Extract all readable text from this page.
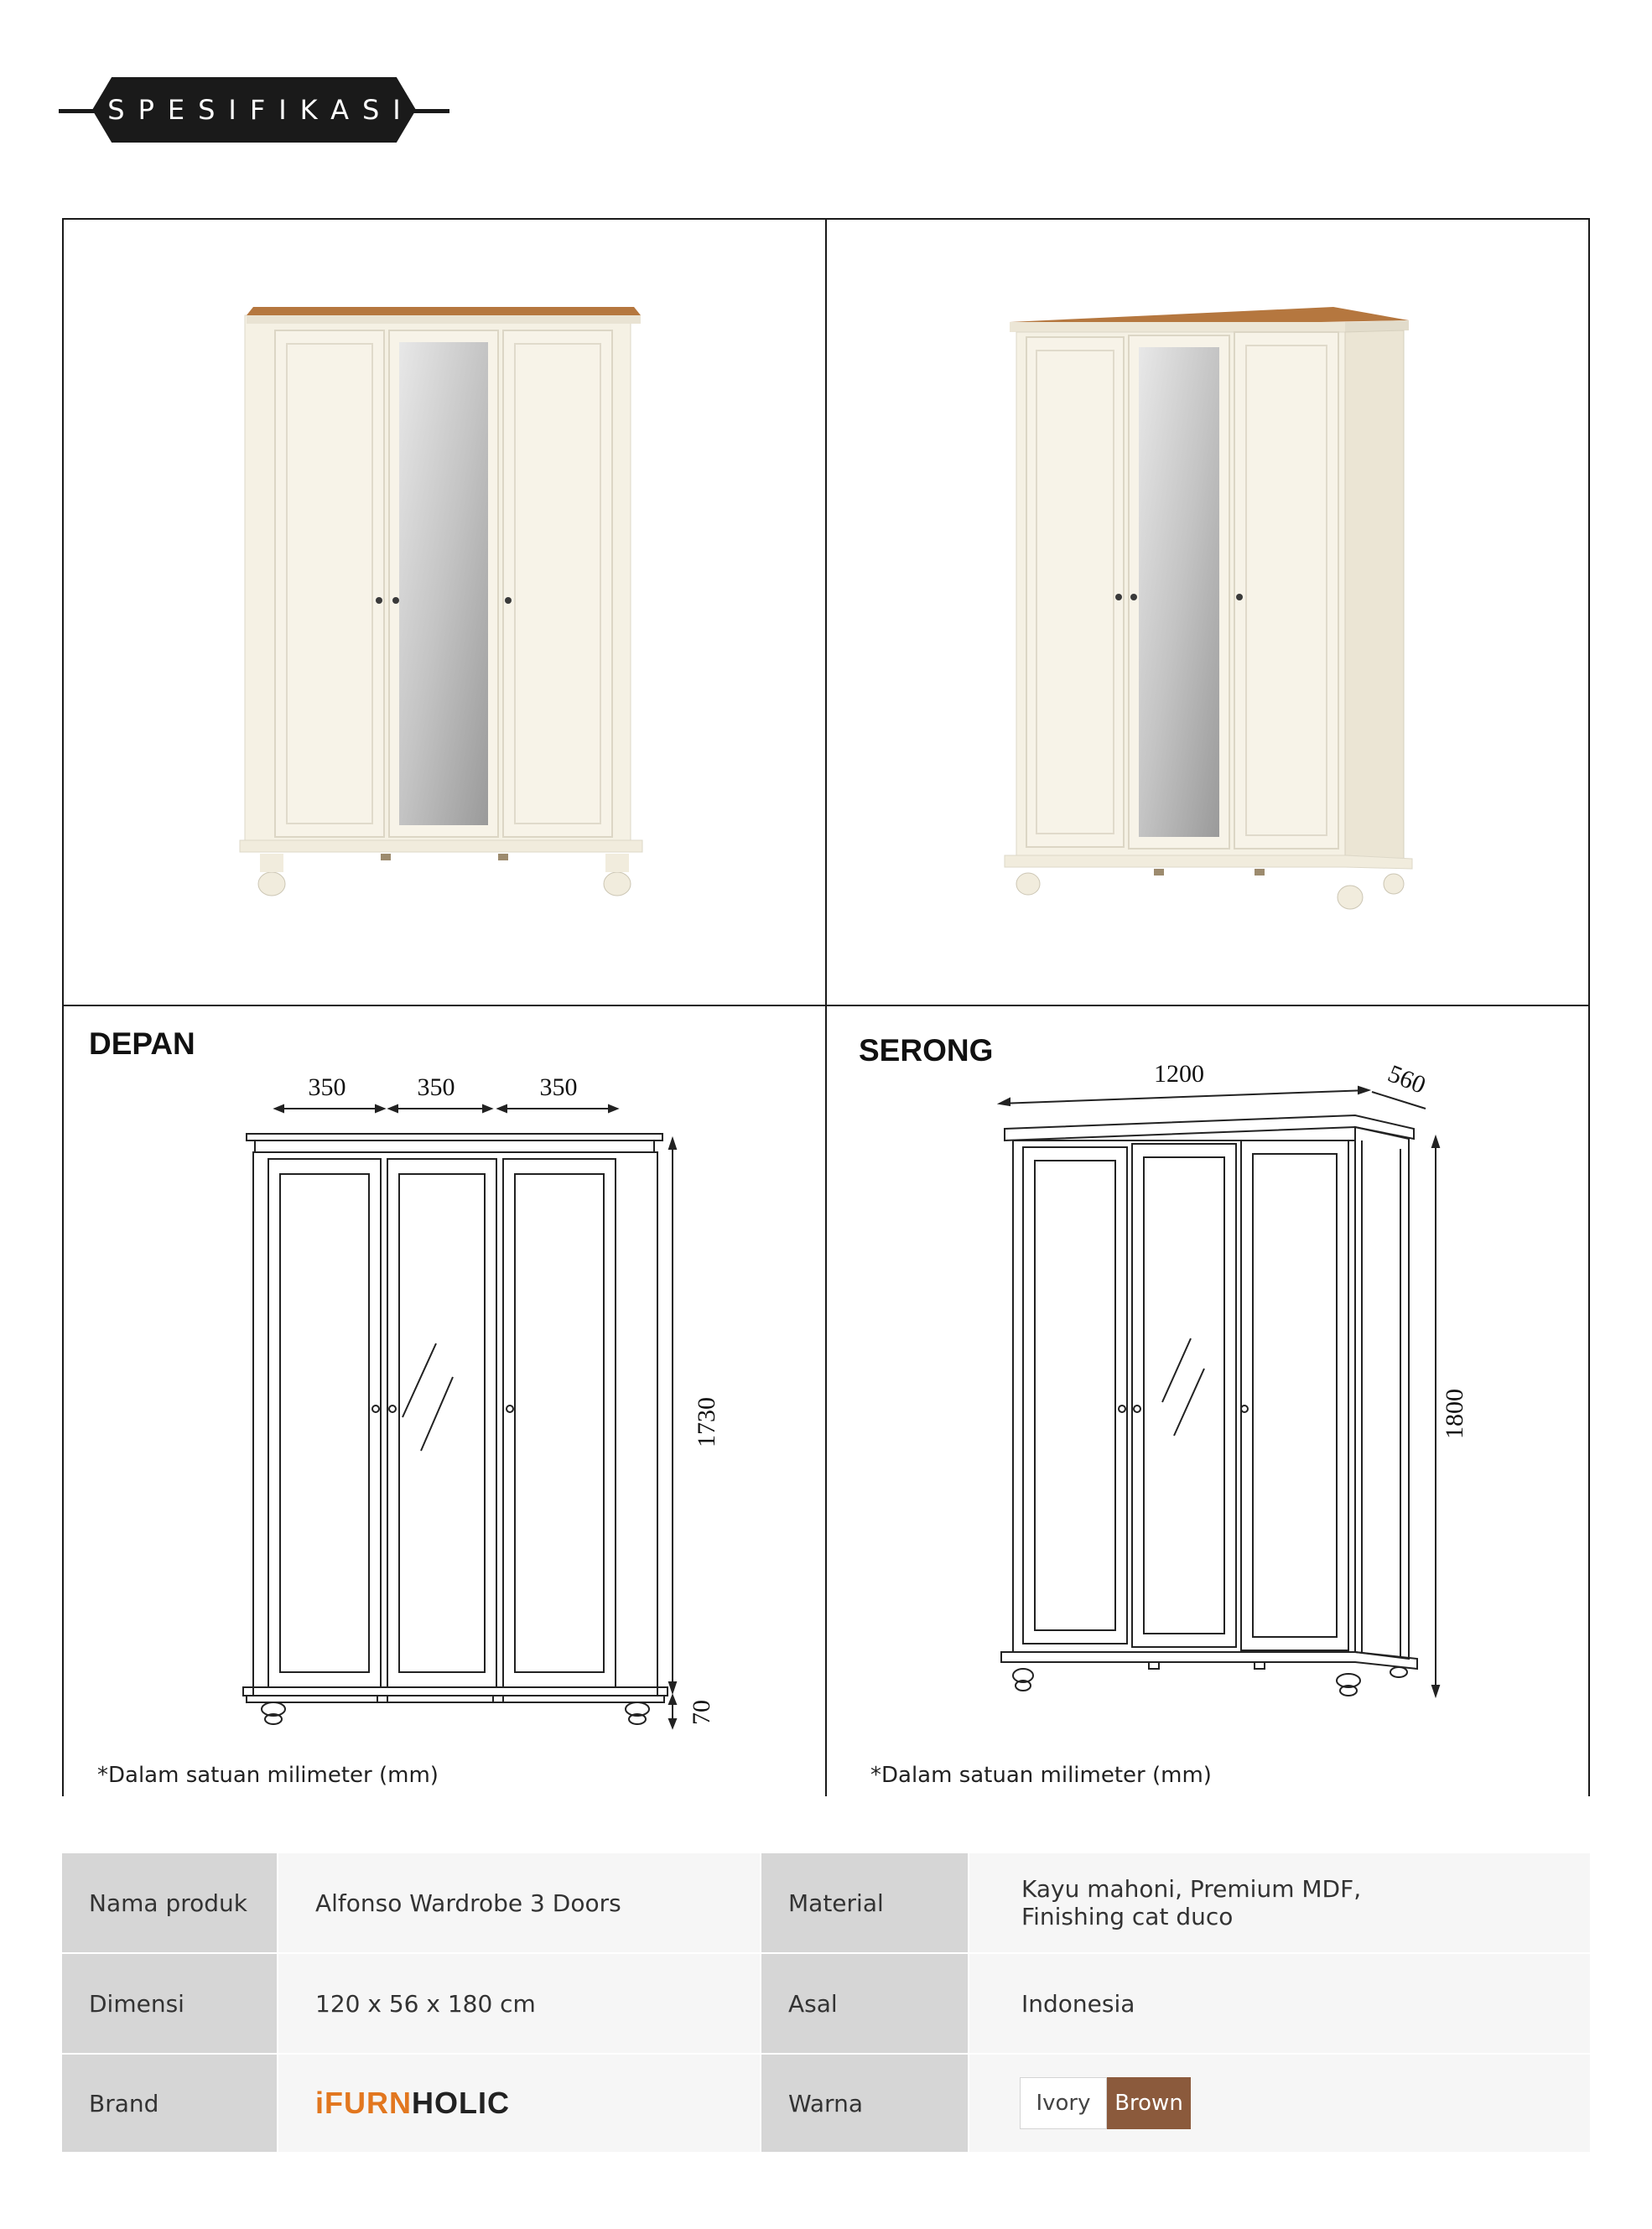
SPESIFIKASI
DEPAN	SERONG
350	350	350
1730
70
1200	560
1800
*Dalam satuan milimeter (mm)	*Dalam satuan milimeter (mm)
Nama produk	Alfonso Wardrobe 3 Doors	Material	Kayu mahoni, Premium MDF,
Finishing cat duco
Dimensi	120 x 56 x 180 cm	Asal	Indonesia
Brand	i FURN HOLIC	Warna	Ivory	Brown
